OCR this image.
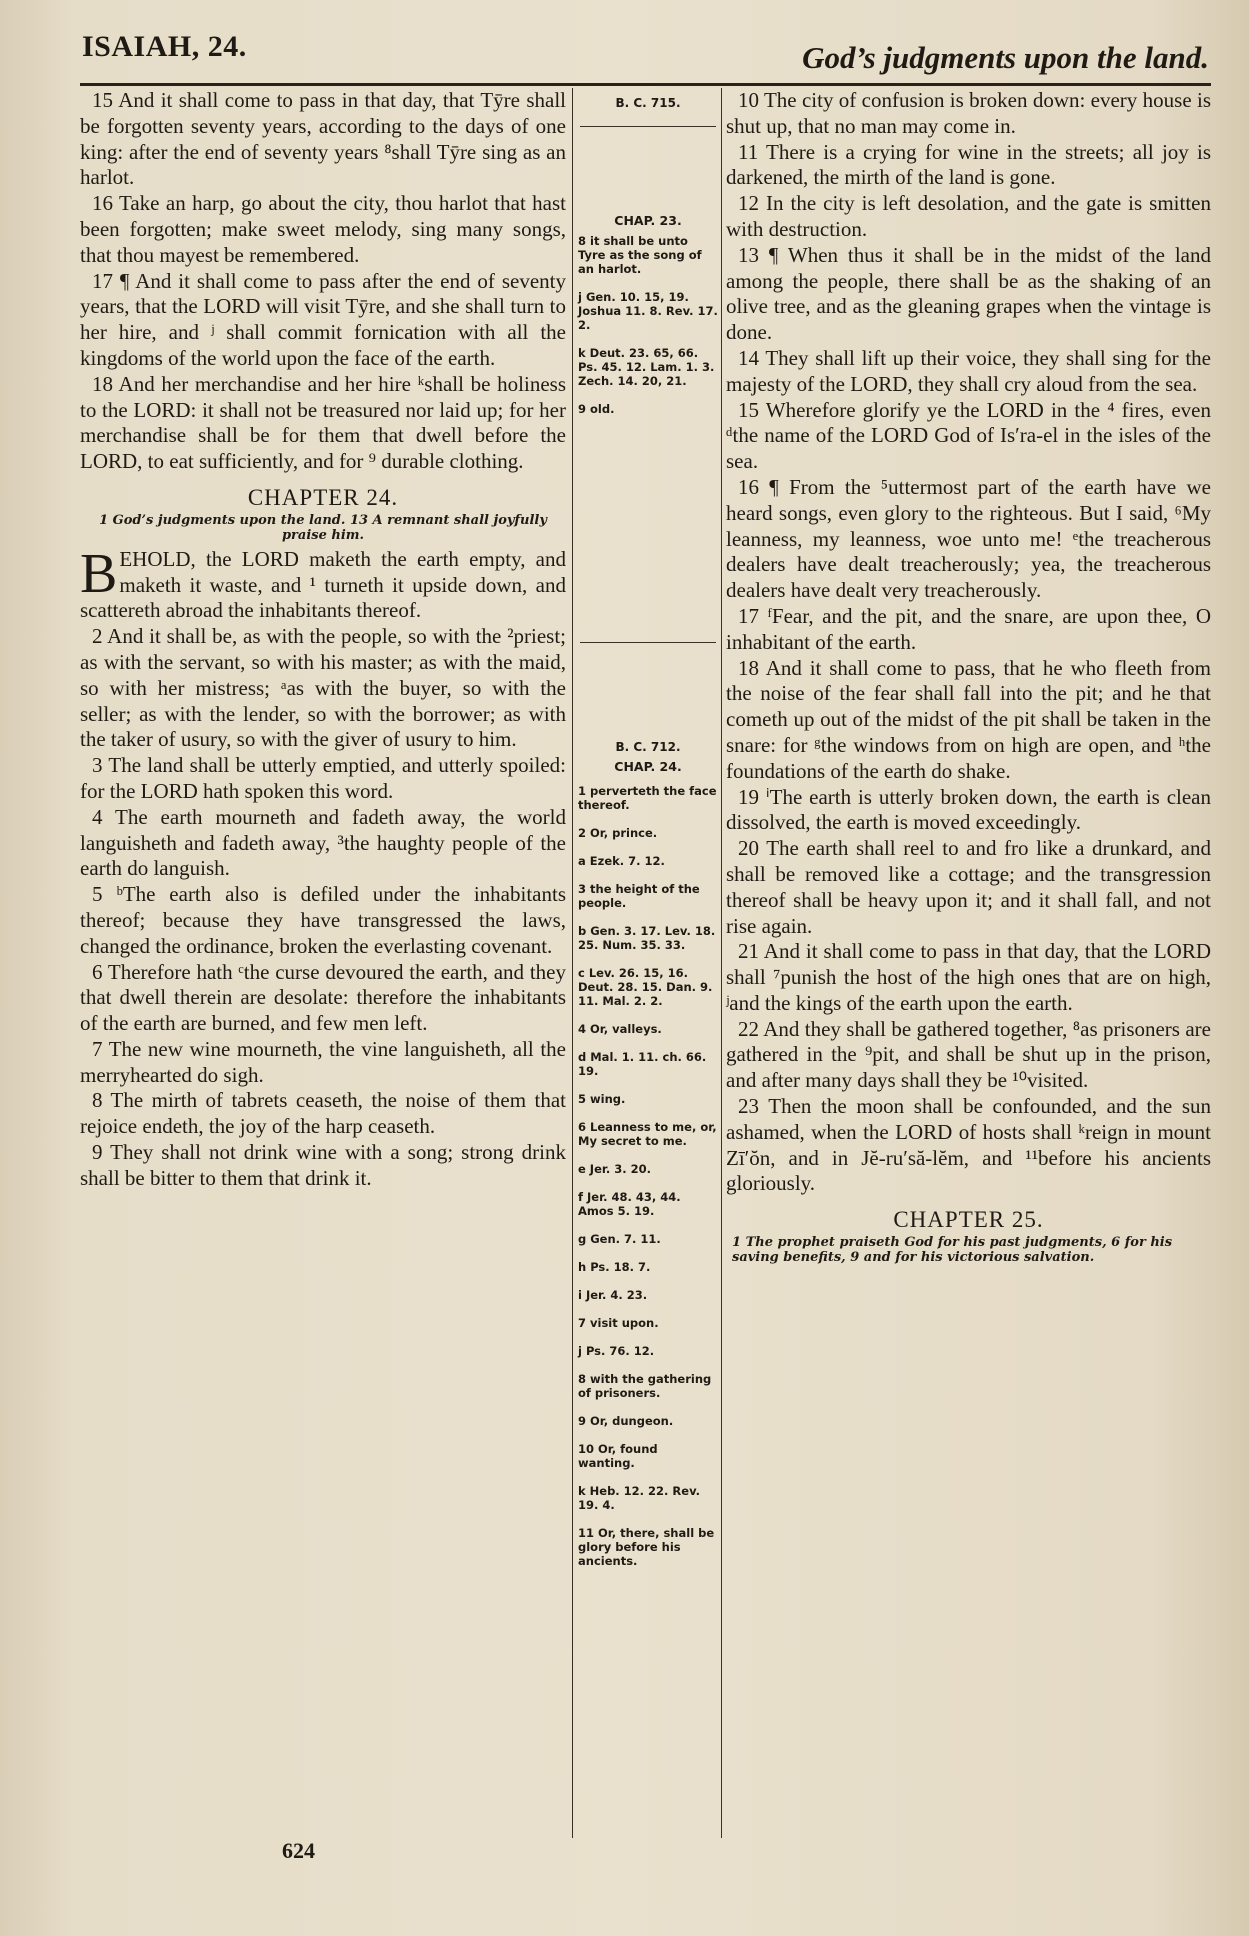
ISAIAH, 24.	God’s judgments upon the land.

15 And it shall come to pass in that day, that Tȳre shall be forgotten seventy years, according to the days of one king: after the end of seventy years ⁸shall Tȳre sing as an harlot.

16 Take an harp, go about the city, thou harlot that hast been forgotten; make sweet melody, sing many songs, that thou mayest be remembered.

17 ¶ And it shall come to pass after the end of seventy years, that the LORD will visit Tȳre, and she shall turn to her hire, and ʲ shall commit fornication with all the kingdoms of the world upon the face of the earth.

18 And her merchandise and her hire ᵏshall be holiness to the LORD: it shall not be treasured nor laid up; for her merchandise shall be for them that dwell before the LORD, to eat sufficiently, and for ⁹ durable clothing.

CHAPTER 24.
1 God’s judgments upon the land. 13 A remnant shall joyfully praise him.

BEHOLD, the LORD maketh the earth empty, and maketh it waste, and ¹ turneth it upside down, and scattereth abroad the inhabitants thereof.

2 And it shall be, as with the people, so with the ²priest; as with the servant, so with his master; as with the maid, so with her mistress; ᵃas with the buyer, so with the seller; as with the lender, so with the borrower; as with the taker of usury, so with the giver of usury to him.

3 The land shall be utterly emptied, and utterly spoiled: for the LORD hath spoken this word.

4 The earth mourneth and fadeth away, the world languisheth and fadeth away, ³the haughty people of the earth do languish.

5 ᵇThe earth also is defiled under the inhabitants thereof; because they have transgressed the laws, changed the ordinance, broken the everlasting covenant.

6 Therefore hath ᶜthe curse devoured the earth, and they that dwell therein are desolate: therefore the inhabitants of the earth are burned, and few men left.

7 The new wine mourneth, the vine languisheth, all the merryhearted do sigh.

8 The mirth of tabrets ceaseth, the noise of them that rejoice endeth, the joy of the harp ceaseth.

9 They shall not drink wine with a song; strong drink shall be bitter to them that drink it.

B. C. 715.
CHAP. 23.
8 it shall be unto Tyre as the song of an harlot.
j Gen. 10. 15, 19. Joshua 11. 8. Rev. 17. 2.
k Deut. 23. 65, 66. Ps. 45. 12. Lam. 1. 3. Zech. 14. 20, 21.
9 old.
B. C. 712.
CHAP. 24.
1 perverteth the face thereof.
2 Or, prince.
a Ezek. 7. 12.
3 the height of the people.
b Gen. 3. 17. Lev. 18. 25. Num. 35. 33.
c Lev. 26. 15, 16. Deut. 28. 15. Dan. 9. 11. Mal. 2. 2.
4 Or, valleys.
d Mal. 1. 11. ch. 66. 19.
5 wing.
6 Leanness to me, or, My secret to me.
e Jer. 3. 20.
f Jer. 48. 43, 44. Amos 5. 19.
g Gen. 7. 11.
h Ps. 18. 7.
i Jer. 4. 23.
7 visit upon.
j Ps. 76. 12.
8 with the gathering of prisoners.
9 Or, dungeon.
10 Or, found wanting.
k Heb. 12. 22. Rev. 19. 4.
11 Or, there, shall be glory before his ancients.

10 The city of confusion is broken down: every house is shut up, that no man may come in.

11 There is a crying for wine in the streets; all joy is darkened, the mirth of the land is gone.

12 In the city is left desolation, and the gate is smitten with destruction.

13 ¶ When thus it shall be in the midst of the land among the people, there shall be as the shaking of an olive tree, and as the gleaning grapes when the vintage is done.

14 They shall lift up their voice, they shall sing for the majesty of the LORD, they shall cry aloud from the sea.

15 Wherefore glorify ye the LORD in the ⁴ fires, even ᵈthe name of the LORD God of Is′ra-el in the isles of the sea.

16 ¶ From the ⁵uttermost part of the earth have we heard songs, even glory to the righteous. But I said, ⁶My leanness, my leanness, woe unto me! ᵉthe treacherous dealers have dealt treacherously; yea, the treacherous dealers have dealt very treacherously.

17 ᶠFear, and the pit, and the snare, are upon thee, O inhabitant of the earth.

18 And it shall come to pass, that he who fleeth from the noise of the fear shall fall into the pit; and he that cometh up out of the midst of the pit shall be taken in the snare: for ᵍthe windows from on high are open, and ʰthe foundations of the earth do shake.

19 ⁱThe earth is utterly broken down, the earth is clean dissolved, the earth is moved exceedingly.

20 The earth shall reel to and fro like a drunkard, and shall be removed like a cottage; and the transgression thereof shall be heavy upon it; and it shall fall, and not rise again.

21 And it shall come to pass in that day, that the LORD shall ⁷punish the host of the high ones that are on high, ʲand the kings of the earth upon the earth.

22 And they shall be gathered together, ⁸as prisoners are gathered in the ⁹pit, and shall be shut up in the prison, and after many days shall they be ¹⁰visited.

23 Then the moon shall be confounded, and the sun ashamed, when the LORD of hosts shall ᵏreign in mount Zī′ŏn, and in Jĕ-ru′să-lĕm, and ¹¹before his ancients gloriously.

CHAPTER 25.
1 The prophet praiseth God for his past judgments, 6 for his saving benefits, 9 and for his victorious salvation.
624
